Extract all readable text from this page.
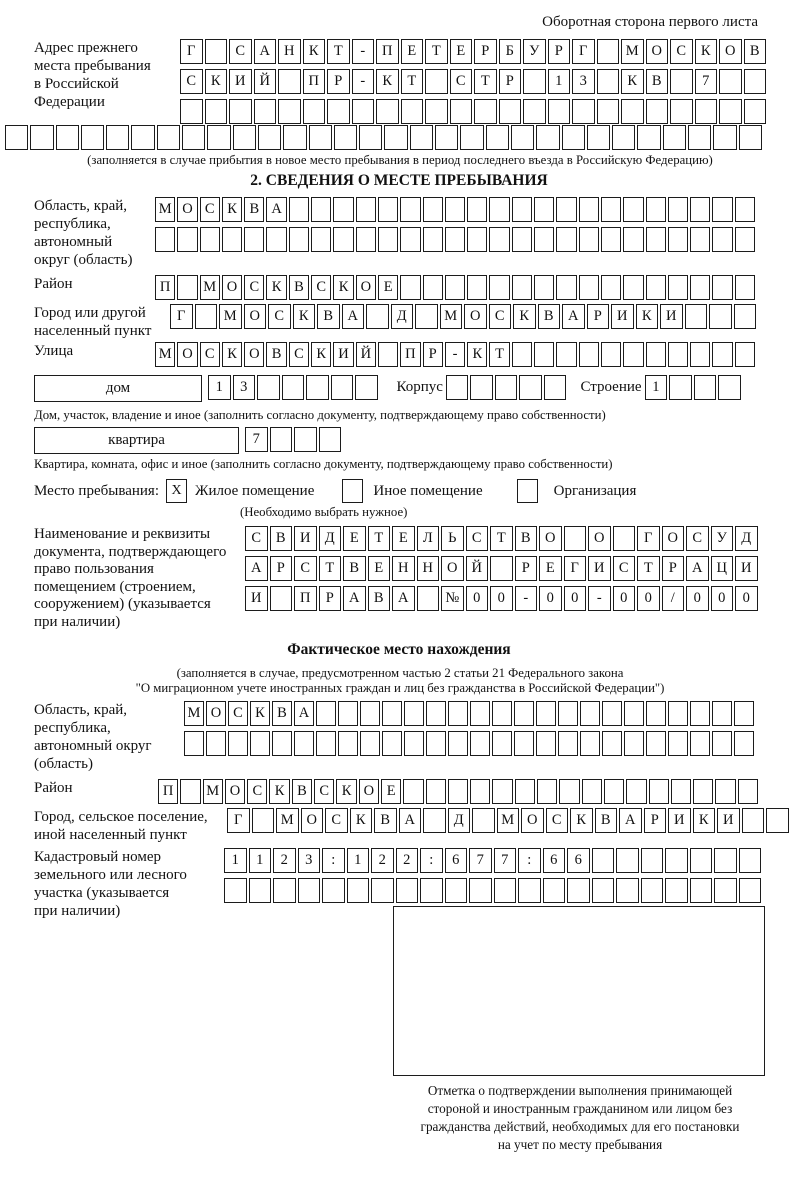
Оборотная сторона первого листа
Адрес прежнего
места пребывания
в Российской
Федерации
Г	С А Н К	Т	-	П	Е	Т	Е	Р	Б	У	Р	Г	М О С	К О В
С	К И Й	П	Р	-	К	Т	С	Т	Р	1	3	К	В	7
(заполняется в случае прибытия в новое место пребывания в период последнего въезда в Российскую Федерацию)
2. СВЕДЕНИЯ О МЕСТЕ ПРЕБЫВАНИЯ
Область, край,
республика,
автономный
округ (область)
М О С К В А
Район	П	М О С К В С К О Е
Город или другой
населенный пункт
Г	М О С	К	В А	Д	М О С	К	В А	Р	И К И
Улица	М О С К О В С К И Й	П Р	-	К Т
дом	1	3	Корпус	Строение 1
Дом, участок, владение и иное (заполнить согласно документу, подтверждающему право собственности)
квартира	7
Квартира, комната, офис и иное (заполнить согласно документу, подтверждающему право собственности)
Место пребывания: X Жилое помещение	Иное помещение	Организация
(Необходимо выбрать нужное)
Наименование и реквизиты
документа, подтверждающего
право пользования
помещением (строением,
сооружением) (указывается
при наличии)
С	В И Д	Е	Т	Е	Л	Ь	С	Т	В О	О	Г	О С	У Д
А	Р	С	Т	В	Е	Н Н О Й	Р	Е	Г	И С	Т	Р	А Ц И
И	П	Р	А В А	№ 0	0	-	0	0	-	0	0	/	0	0	0
Фактическое место нахождения
(заполняется в случае, предусмотренном частью 2 статьи 21 Федерального закона
"О миграционном учете иностранных граждан и лиц без гражданства в Российской Федерации")
Область, край,
республика,
автономный округ
(область)
М О С К В А
Район	П	М О С К В С К О Е
Город, сельское поселение,
иной населенный пункт
Г	М О С	К	В А	Д	М О С	К	В А	Р	И К И
Кадастровый номер
земельного или лесного
участка (указывается
при наличии)
1	1	2	3	:	1	2	2	:	6	7	7	:	6	6
Отметка о подтверждении выполнения принимающей
стороной и иностранным гражданином или лицом без
гражданства действий, необходимых для его постановки
на учет по месту пребывания
